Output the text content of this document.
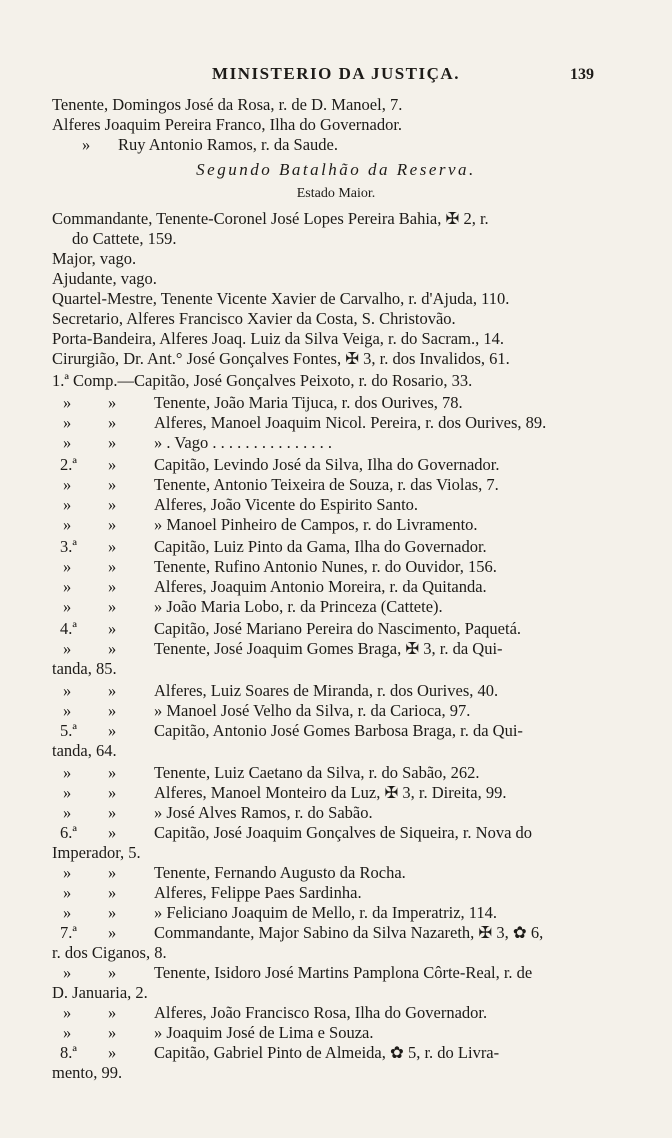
MINISTERIO DA JUSTIÇA.	139
Segundo Batalhão da Reserva.
Estado Maior.
Tenente, Domingos José da Rosa, r. de D. Manoel, 7.
Alferes Joaquim Pereira Franco, Ilha do Governador.
» Ruy Antonio Ramos, r. da Saude.
Commandante, Tenente-Coronel José Lopes Pereira Bahia, ✠ 2, r.
do Cattete, 159.
Major, vago.
Ajudante, vago.
Quartel-Mestre, Tenente Vicente Xavier de Carvalho, r. d'Ajuda, 110.
Secretario, Alferes Francisco Xavier da Costa, S. Christovão.
Porta-Bandeira, Alferes Joaq. Luiz da Silva Veiga, r. do Sacram., 14.
Cirurgião, Dr. Ant.° José Gonçalves Fontes, ✠ 3, r. dos Invalidos, 61.
1.ª Comp.—Capitão, José Gonçalves Peixoto, r. do Rosario, 33.
» » Tenente, João Maria Tijuca, r. dos Ourives, 78.
» » Alferes, Manoel Joaquim Nicol. Pereira, r. dos Ourives, 89.
» » » . Vago . . . . . . . . . . . . . . .
2.ª » Capitão, Levindo José da Silva, Ilha do Governador.
» » Tenente, Antonio Teixeira de Souza, r. das Violas, 7.
» » Alferes, João Vicente do Espirito Santo.
» » » Manoel Pinheiro de Campos, r. do Livramento.
3.ª » Capitão, Luiz Pinto da Gama, Ilha do Governador.
» » Tenente, Rufino Antonio Nunes, r. do Ouvidor, 156.
» » Alferes, Joaquim Antonio Moreira, r. da Quitanda.
» » » João Maria Lobo, r. da Princeza (Cattete).
4.ª » Capitão, José Mariano Pereira do Nascimento, Paquetá.
» » Tenente, José Joaquim Gomes Braga, ✠ 3, r. da Qui-
tanda, 85.
» » Alferes, Luiz Soares de Miranda, r. dos Ourives, 40.
» » » Manoel José Velho da Silva, r. da Carioca, 97.
5.ª » Capitão, Antonio José Gomes Barbosa Braga, r. da Qui-
tanda, 64.
» » Tenente, Luiz Caetano da Silva, r. do Sabão, 262.
» » Alferes, Manoel Monteiro da Luz, ✠ 3, r. Direita, 99.
» » » José Alves Ramos, r. do Sabão.
6.ª » Capitão, José Joaquim Gonçalves de Siqueira, r. Nova do
Imperador, 5.
» » Tenente, Fernando Augusto da Rocha.
» » Alferes, Felippe Paes Sardinha.
» » » Feliciano Joaquim de Mello, r. da Imperatriz, 114.
7.ª » Commandante, Major Sabino da Silva Nazareth, ✠ 3, ✿ 6,
r. dos Ciganos, 8.
» » Tenente, Isidoro José Martins Pamplona Côrte-Real, r. de
D. Januaria, 2.
» » Alferes, João Francisco Rosa, Ilha do Governador.
» » » Joaquim José de Lima e Souza.
8.ª » Capitão, Gabriel Pinto de Almeida, ✿ 5, r. do Livra-
mento, 99.
